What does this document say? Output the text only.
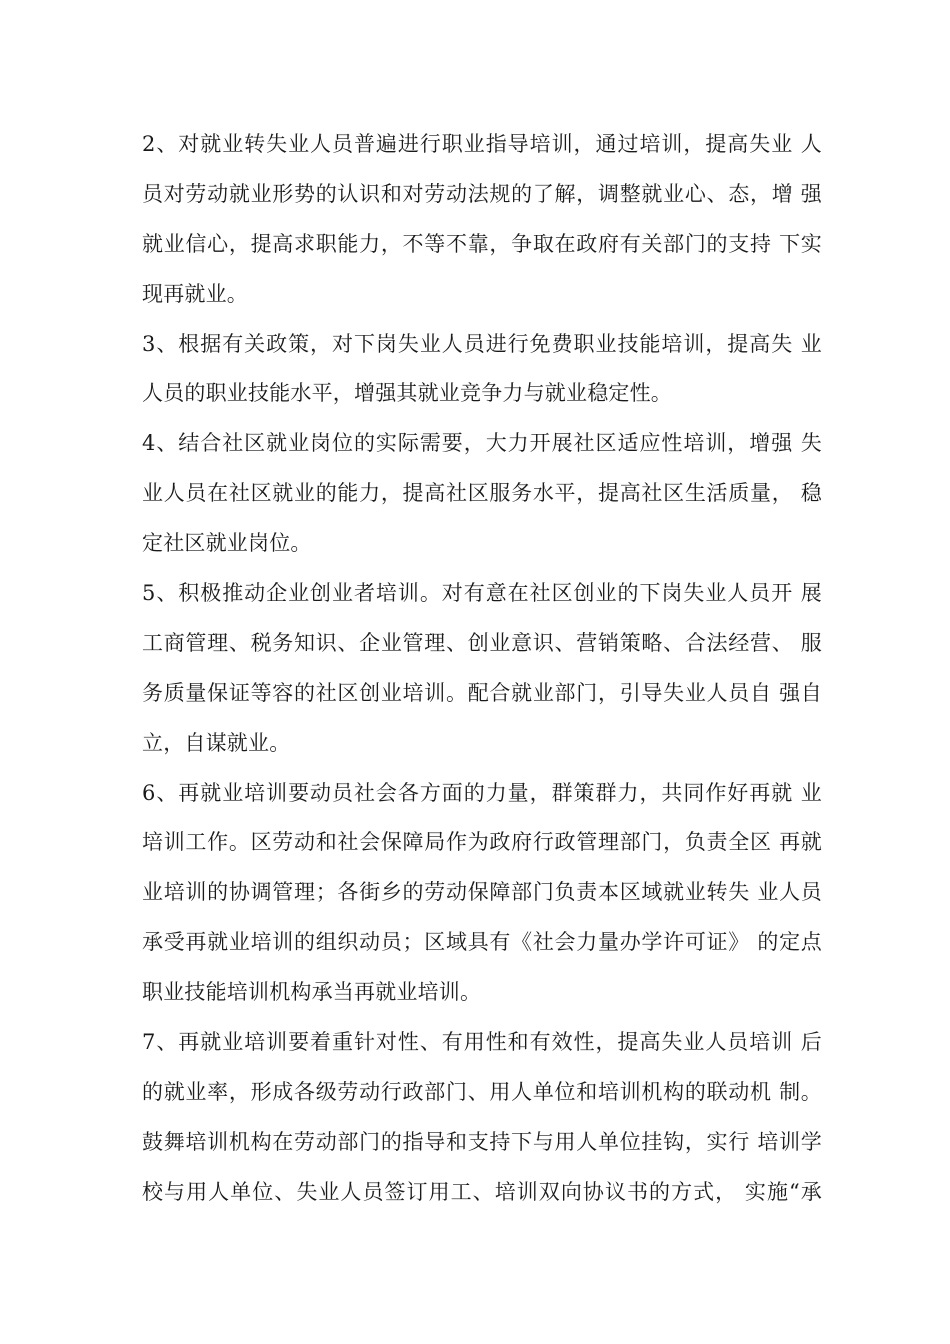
2、对就业转失业人员普遍进行职业指导培训，通过培训，提高失业 人
员对劳动就业形势的认识和对劳动法规的了解，调整就业心、态，增 强
就业信心，提高求职能力，不等不靠，争取在政府有关部门的支持 下实
现再就业。
3、根据有关政策，对下岗失业人员进行免费职业技能培训，提高失 业
人员的职业技能水平，增强其就业竞争力与就业稳定性。
4、结合社区就业岗位的实际需要，大力开展社区适应性培训，增强 失
业人员在社区就业的能力，提高社区服务水平，提高社区生活质量， 稳
定社区就业岗位。
5、积极推动企业创业者培训。对有意在社区创业的下岗失业人员开 展
工商管理、税务知识、企业管理、创业意识、营销策略、合法经营、 服
务质量保证等容的社区创业培训。配合就业部门，引导失业人员自 强自
立，自谋就业。
6、再就业培训要动员社会各方面的力量，群策群力，共同作好再就 业
培训工作。区劳动和社会保障局作为政府行政管理部门，负责全区 再就
业培训的协调管理；各街乡的劳动保障部门负责本区域就业转失 业人员
承受再就业培训的组织动员；区域具有《社会力量办学许可证》 的定点
职业技能培训机构承当再就业培训。
7、再就业培训要着重针对性、有用性和有效性，提高失业人员培训 后
的就业率，形成各级劳动行政部门、用人单位和培训机构的联动机 制。
鼓舞培训机构在劳动部门的指导和支持下与用人单位挂钩，实行 培训学
校与用人单位、失业人员签订用工、培训双向协议书的方式， 实施“承
